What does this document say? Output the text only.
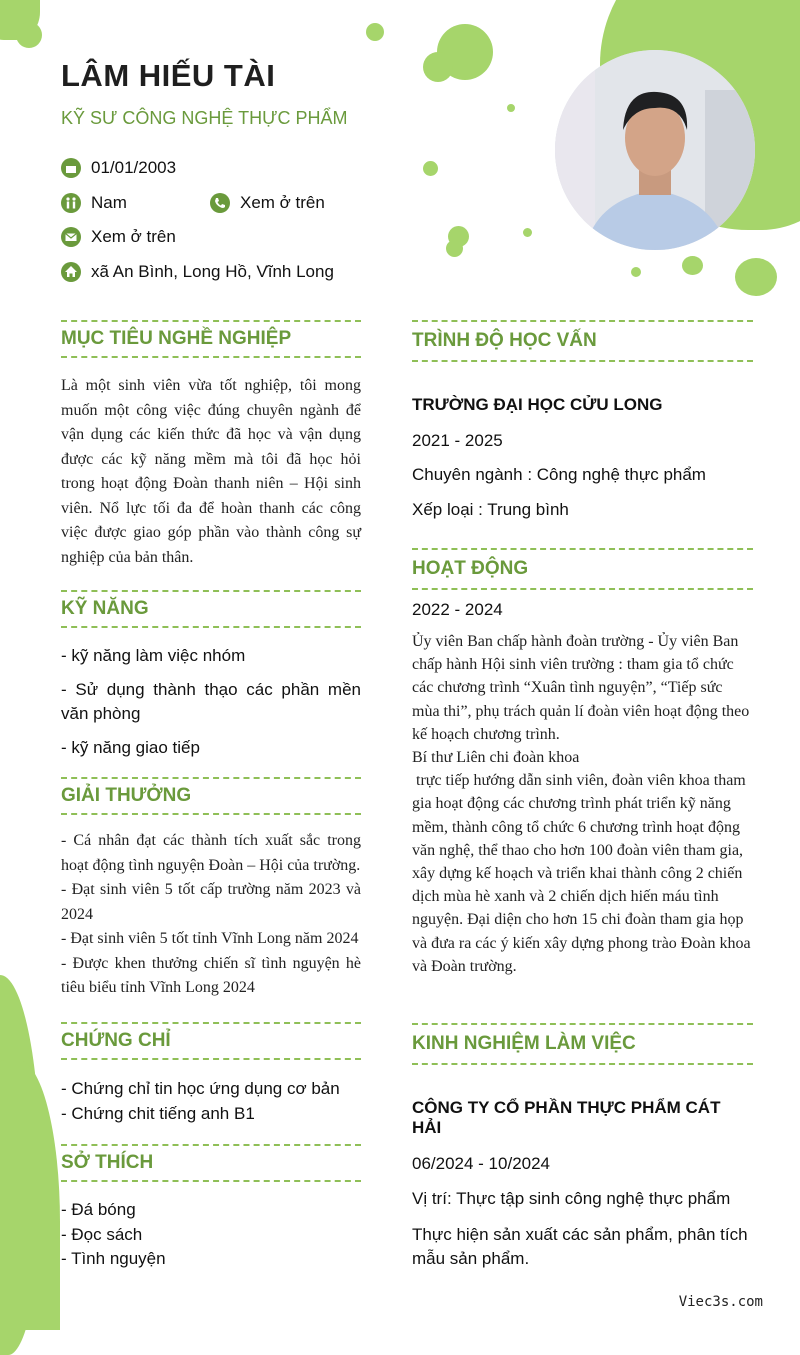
LÂM HIẾU TÀI
KỸ SƯ CÔNG NGHỆ THỰC PHẨM
01/01/2003
Nam	Xem ở trên
Xem ở trên
xã An Bình, Long Hồ, Vĩnh Long
MỤC TIÊU NGHỀ NGHIỆP
Là một sinh viên vừa tốt nghiệp, tôi mong muốn một công việc đúng chuyên ngành để vận dụng các kiến thức đã học và vận dụng được các kỹ năng mềm mà tôi đã học hỏi trong hoạt động Đoàn thanh niên – Hội sinh viên. Nổ lực tối đa để hoàn thanh các công việc được giao góp phần vào thành công sự nghiệp của bản thân.
KỸ NĂNG
- kỹ năng làm việc nhóm
- Sử dụng thành thạo các phần mền văn phòng
- kỹ năng giao tiếp
GIẢI THƯỞNG
- Cá nhân đạt các thành tích xuất sắc trong hoạt động tình nguyện Đoàn – Hội của trường.
- Đạt sinh viên 5 tốt cấp trường năm 2023 và 2024
- Đạt sinh viên 5 tốt tỉnh Vĩnh Long năm 2024
- Được khen thưởng chiến sĩ tình nguyện hè tiêu biểu tỉnh Vĩnh Long 2024
CHỨNG CHỈ
- Chứng chỉ tin học ứng dụng cơ bản
- Chứng chit tiếng anh B1
SỞ THÍCH
- Đá bóng
- Đọc sách
- Tình nguyện
TRÌNH ĐỘ HỌC VẤN
TRƯỜNG ĐẠI HỌC CỬU LONG
2021 - 2025
Chuyên ngành : Công nghệ thực phẩm
Xếp loại : Trung bình
HOẠT ĐỘNG
2022 - 2024
Ủy viên Ban chấp hành đoàn trường - Ủy viên Ban chấp hành Hội sinh viên trường : tham gia tổ chức các chương trình “Xuân tình nguyện”, “Tiếp sức mùa thi”, phụ trách quản lí đoàn viên hoạt động theo kế hoạch chương trình.
Bí thư Liên chi đoàn khoa
trực tiếp hướng dẫn sinh viên, đoàn viên khoa tham gia hoạt động các chương trình phát triển kỹ năng mềm, thành công tổ chức 6 chương trình hoạt động văn nghệ, thể thao cho hơn 100 đoàn viên tham gia, xây dựng kế hoạch và triển khai thành công 2 chiến dịch mùa hè xanh và 2 chiến dịch hiến máu tình nguyện. Đại diện cho hơn 15 chi đoàn tham gia họp và đưa ra các ý kiến xây dựng phong trào Đoàn khoa và Đoàn trường.
KINH NGHIỆM LÀM VIỆC
CÔNG TY CỔ PHẦN THỰC PHẨM CÁT HẢI
06/2024 - 10/2024
Vị trí: Thực tập sinh công nghệ thực phẩm
Thực hiện sản xuất các sản phẩm, phân tích mẫu sản phẩm.
Viec3s.com
